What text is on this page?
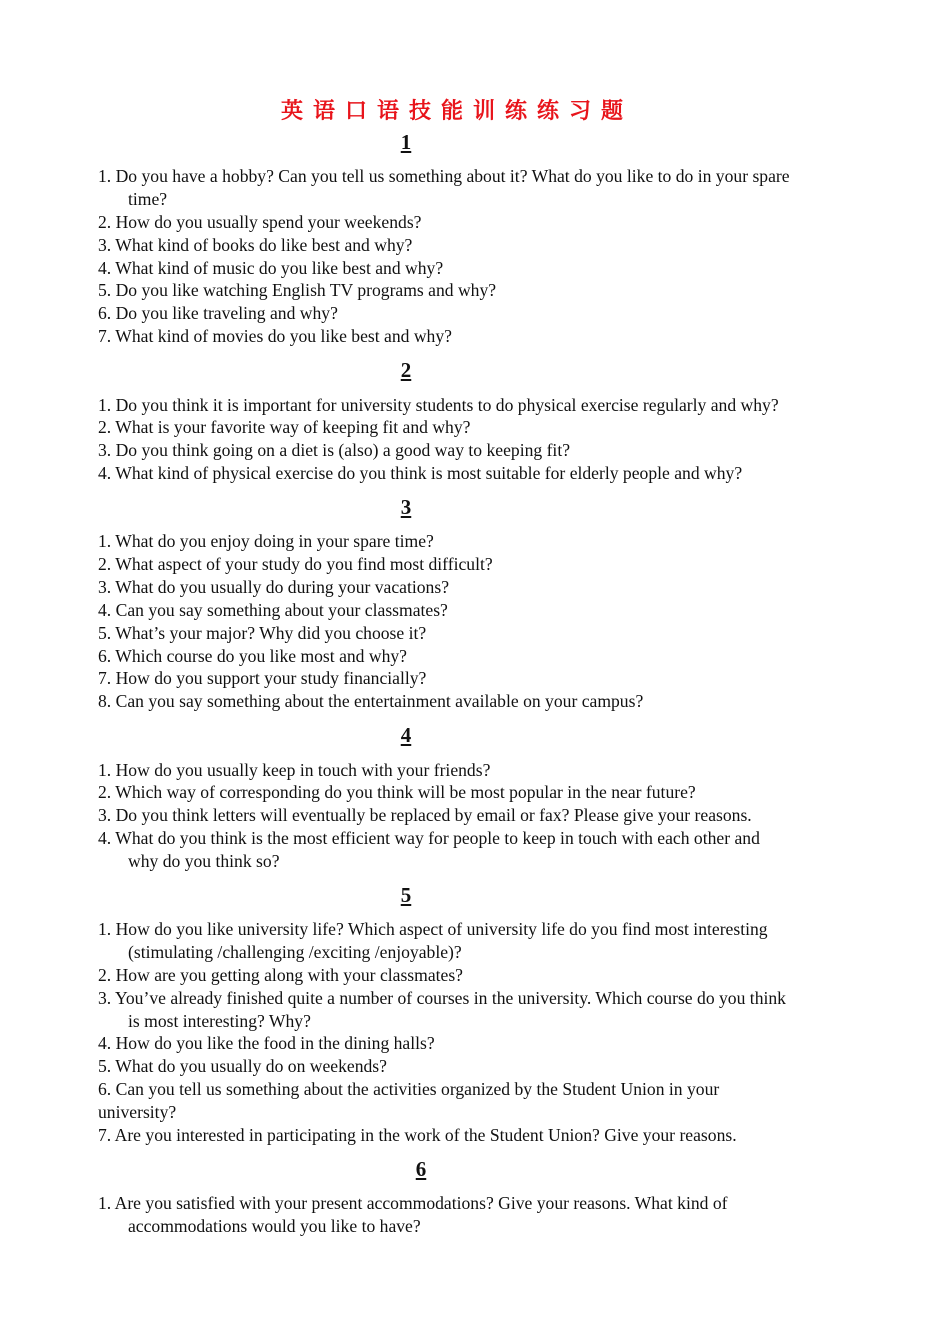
英语口语技能训练练习题
1
1. Do you have a hobby? Can you tell us something about it? What do you like to do in your spare
time?
2. How do you usually spend your weekends?
3. What kind of books do like best and why?
4. What kind of music do you like best and why?
5. Do you like watching English TV programs and why?
6. Do you like traveling and why?
7. What kind of movies do you like best and why?
2
1. Do you think it is important for university students to do physical exercise regularly and why?
2. What is your favorite way of keeping fit and why?
3. Do you think going on a diet is (also) a good way to keeping fit?
4. What kind of physical exercise do you think is most suitable for elderly people and why?
3
1. What do you enjoy doing in your spare time?
2. What aspect of your study do you find most difficult?
3. What do you usually do during your vacations?
4. Can you say something about your classmates?
5. What’s your major? Why did you choose it?
6. Which course do you like most and why?
7. How do you support your study financially?
8. Can you say something about the entertainment available on your campus?
4
1. How do you usually keep in touch with your friends?
2. Which way of corresponding do you think will be most popular in the near future?
3. Do you think letters will eventually be replaced by email or fax? Please give your reasons.
4. What do you think is the most efficient way for people to keep in touch with each other and
why do you think so?
5
1. How do you like university life? Which aspect of university life do you find most interesting
(stimulating /challenging /exciting /enjoyable)?
2. How are you getting along with your classmates?
3. You’ve already finished quite a number of courses in the university. Which course do you think
is most interesting? Why?
4. How do you like the food in the dining halls?
5. What do you usually do on weekends?
6. Can you tell us something about the activities organized by the Student Union in your
university?
7. Are you interested in participating in the work of the Student Union? Give your reasons.
6
1. Are you satisfied with your present accommodations? Give your reasons. What kind of
accommodations would you like to have?
